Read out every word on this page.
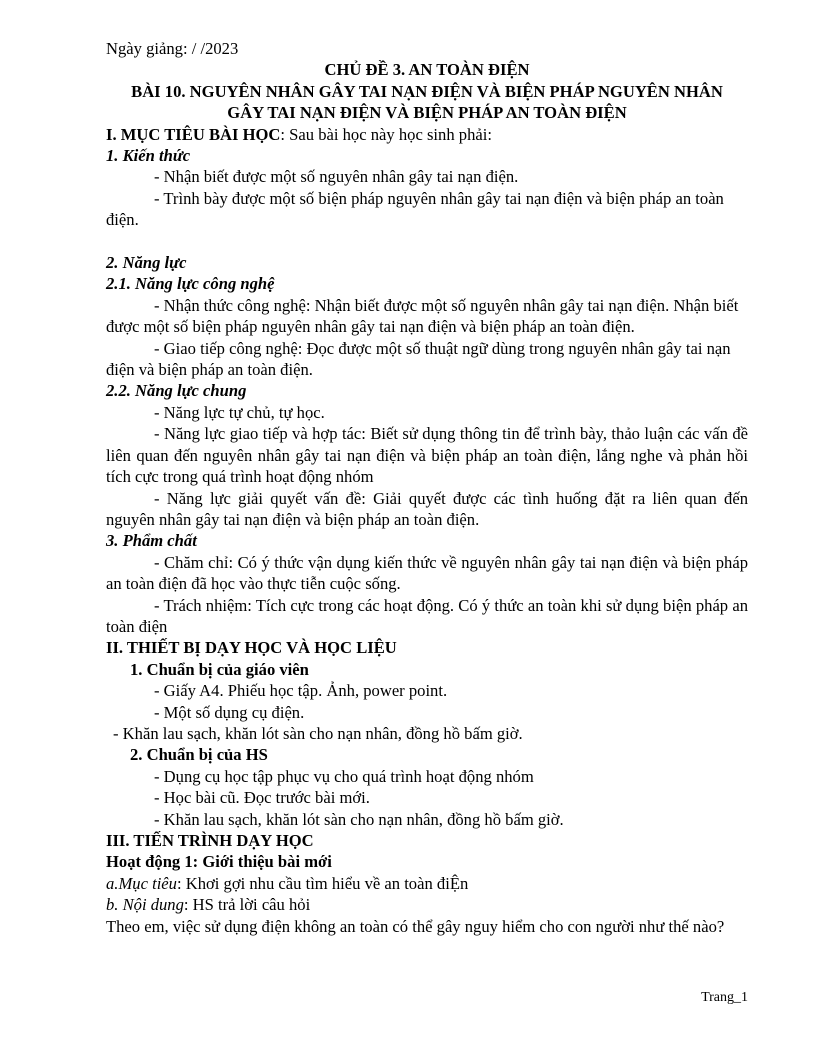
Ngày giảng: / /2023
CHỦ ĐỀ 3. AN TOÀN ĐIỆN
BÀI 10. NGUYÊN NHÂN GÂY TAI NẠN ĐIỆN VÀ BIỆN PHÁP NGUYÊN NHÂN GÂY TAI NẠN ĐIỆN VÀ BIỆN PHÁP AN TOÀN ĐIỆN
I. MỤC TIÊU BÀI HỌC: Sau bài học này học sinh phải:
1. Kiến thức
- Nhận biết được một số nguyên nhân gây tai nạn điện.
- Trình bày được một số biện pháp nguyên nhân gây tai nạn điện và biện pháp an toàn điện.
2. Năng lực
2.1. Năng lực công nghệ
- Nhận thức công nghệ: Nhận biết được một số nguyên nhân gây tai nạn điện. Nhận biết được một số biện pháp nguyên nhân gây tai nạn điện và biện pháp an toàn điện.
- Giao tiếp công nghệ: Đọc được một số thuật ngữ dùng trong nguyên nhân gây tai nạn điện và biện pháp an toàn điện.
2.2. Năng lực chung
- Năng lực tự chủ, tự học.
- Năng lực giao tiếp và hợp tác: Biết sử dụng thông tin để trình bày, thảo luận các vấn đề liên quan đến nguyên nhân gây tai nạn điện và biện pháp an toàn điện, lắng nghe và phản hồi tích cực trong quá trình hoạt động nhóm
- Năng lực giải quyết vấn đề: Giải quyết được các tình huống đặt ra liên quan đến nguyên nhân gây tai nạn điện và biện pháp an toàn điện.
3. Phẩm chất
- Chăm chỉ: Có ý thức vận dụng kiến thức về nguyên nhân gây tai nạn điện và biện pháp an toàn điện đã học vào thực tiễn cuộc sống.
- Trách nhiệm: Tích cực trong các hoạt động. Có ý thức an toàn khi sử dụng biện pháp an toàn điện
II. THIẾT BỊ DẠY HỌC VÀ HỌC LIỆU
1. Chuẩn bị của giáo viên
- Giấy A4. Phiếu học tập. Ảnh, power point.
- Một số dụng cụ điện.
- Khăn lau sạch, khăn lót sàn cho nạn nhân, đồng hồ bấm giờ.
2. Chuẩn bị của HS
- Dụng cụ học tập phục vụ cho quá trình hoạt động nhóm
- Học bài cũ. Đọc trước bài mới.
- Khăn lau sạch, khăn lót sàn cho nạn nhân, đồng hồ bấm giờ.
III. TIẾN TRÌNH DẠY HỌC
Hoạt động 1: Giới thiệu bài mới
a.Mục tiêu: Khơi gợi nhu cầu tìm hiểu về an toàn điỆn
b. Nội dung: HS trả lời câu hỏi
Theo em, việc sử dụng điện không an toàn có thể gây nguy hiểm cho con người như thế nào?
Trang_1
